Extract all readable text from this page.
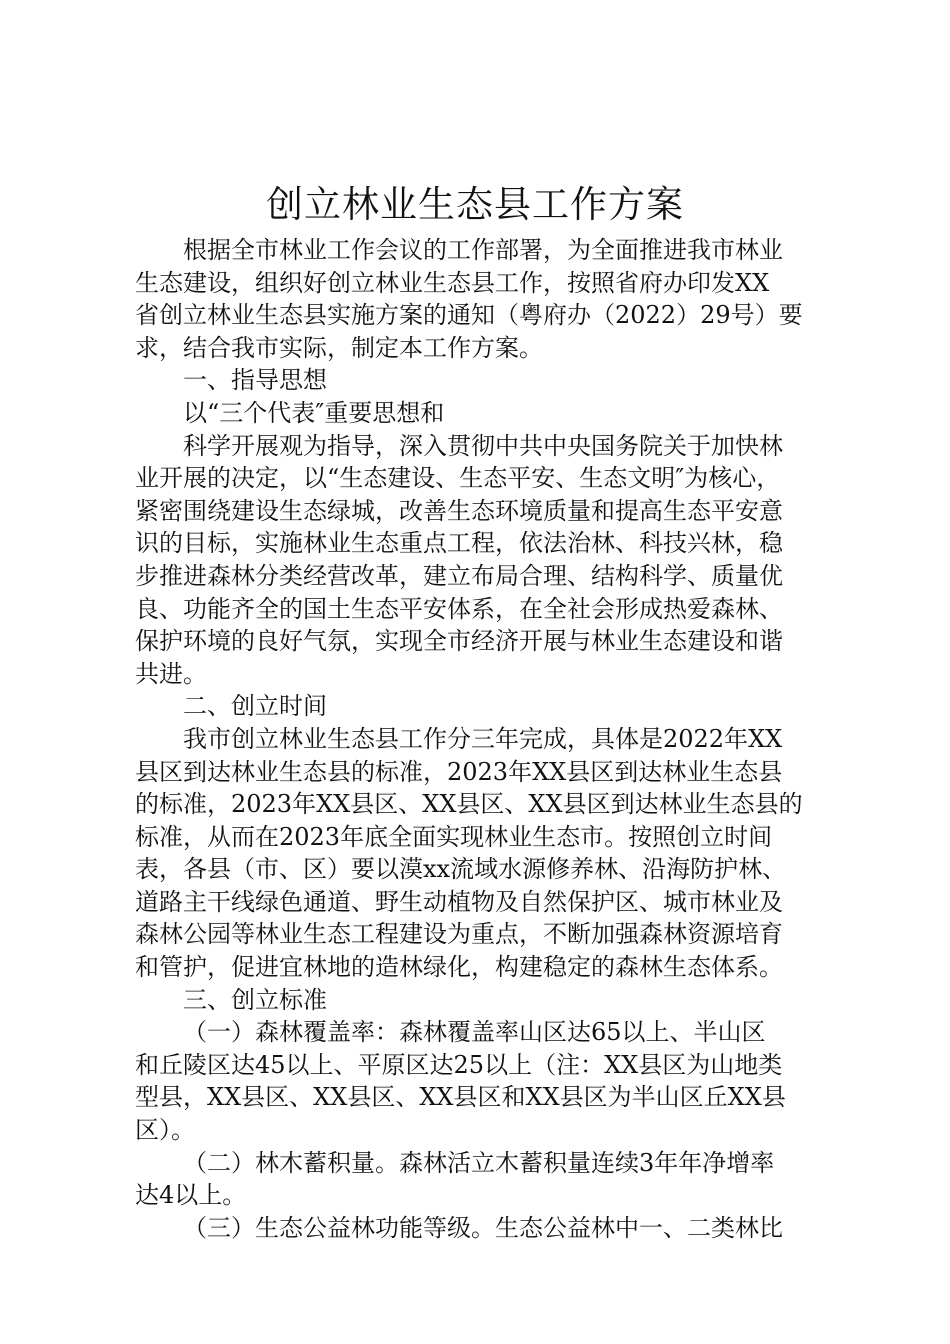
创立林业生态县工作方案
根据全市林业工作会议的工作部署，为全面推进我市林业
生态建设，组织好创立林业生态县工作，按照省府办印发XX
省创立林业生态县实施方案的通知（粤府办（2022）29号）要
求，结合我市实际，制定本工作方案。
一、指导思想
以“三个代表″重要思想和
科学开展观为指导，深入贯彻中共中央国务院关于加快林
业开展的决定，以“生态建设、生态平安、生态文明″为核心，
紧密围绕建设生态绿城，改善生态环境质量和提高生态平安意
识的目标，实施林业生态重点工程，依法治林、科技兴林，稳
步推进森林分类经营改革，建立布局合理、结构科学、质量优
良、功能齐全的国土生态平安体系，在全社会形成热爱森林、
保护环境的良好气氛，实现全市经济开展与林业生态建设和谐
共进。
二、创立时间
我市创立林业生态县工作分三年完成，具体是2022年XX
县区到达林业生态县的标准，2023年XX县区到达林业生态县
的标准，2023年XX县区、XX县区、XX县区到达林业生态县的
标准，从而在2023年底全面实现林业生态市。按照创立时间
表，各县（市、区）要以漠xx流域水源修养林、沿海防护林、
道路主干线绿色通道、野生动植物及自然保护区、城市林业及
森林公园等林业生态工程建设为重点，不断加强森林资源培育
和管护，促进宜林地的造林绿化，构建稳定的森林生态体系。
三、创立标准
（一）森林覆盖率：森林覆盖率山区达65以上、半山区
和丘陵区达45以上、平原区达25以上（注：XX县区为山地类
型县，XX县区、XX县区、XX县区和XX县区为半山区丘XX县
区）。
（二）林木蓄积量。森林活立木蓄积量连续3年年净增率
达4以上。
（三）生态公益林功能等级。生态公益林中一、二类林比
